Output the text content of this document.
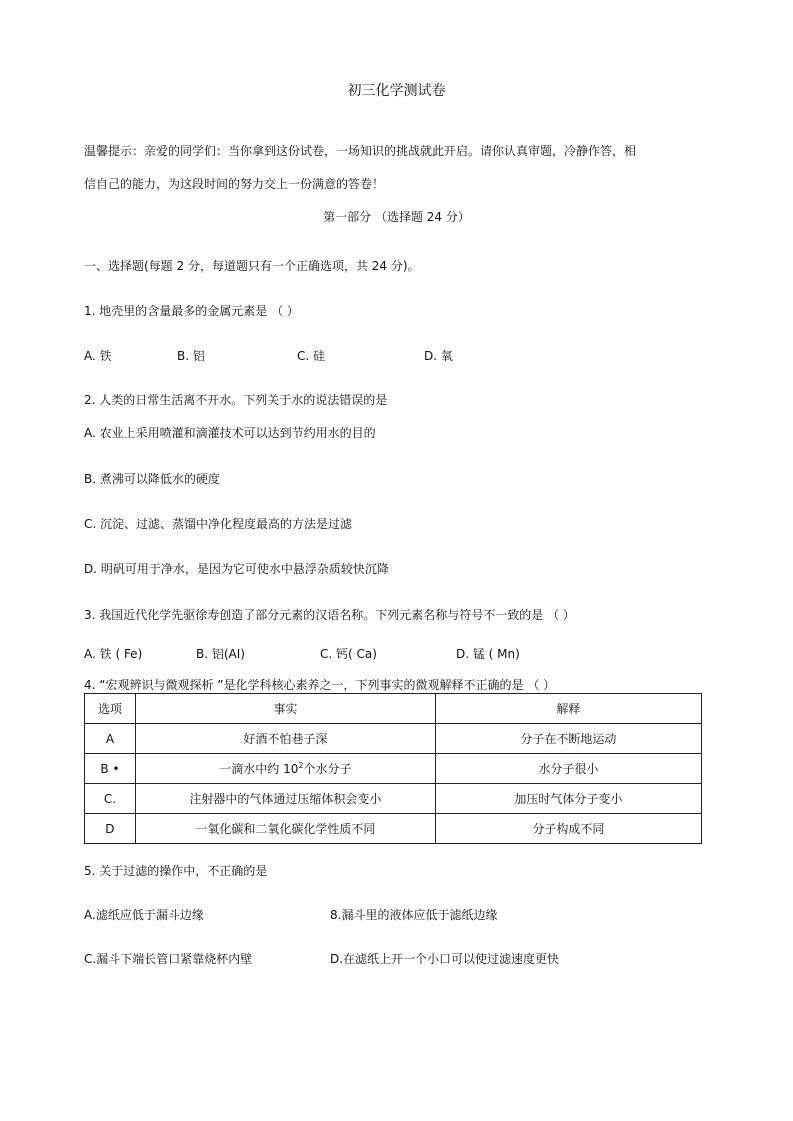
初三化学测试卷
温馨提示：亲爱的同学们：当你拿到这份试卷，一场知识的挑战就此开启。请你认真审题，冷静作答，相
信自己的能力，为这段时间的努力交上一份满意的答卷！
第一部分 （选择题 24 分）
一、选择题(每题 2 分，每道题只有一个正确选项，共 24 分)。
1. 地壳里的含量最多的金属元素是 （ ）
A. 铁	B. 铝	C. 硅	D. 氧
2. 人类的日常生活离不开水。下列关于水的说法错误的是
A. 农业上采用喷灌和滴灌技术可以达到节约用水的目的
B. 煮沸可以降低水的硬度
C. 沉淀、过滤、蒸馏中净化程度最高的方法是过滤
D. 明矾可用于净水，是因为它可使水中悬浮杂质较快沉降
3. 我国近代化学先驱徐寿创造了部分元素的汉语名称。下列元素名称与符号不一致的是 （ ）
A. 铁 ( Fe)	B. 铝(AI)	C. 钙( Ca)	D. 锰 ( Mn)
4. “宏观辨识与微观探析 ”是化学科核心素养之一，下列事实的微观解释不正确的是 （ ）
选项	事实	解释
A	好酒不怕巷子深	分子在不断地运动
B •	一滴水中约 $10^2$个水分子	水分子很小
C.	注射器中的气体通过压缩体积会变小	加压时气体分子变小
D	一氧化碳和二氧化碳化学性质不同	分子构成不同
5. 关于过滤的操作中，不正确的是
A.滤纸应低于漏斗边缘	8.漏斗里的液体应低于滤纸边缘
C.漏斗下端长管口紧靠烧杯内壁	D.在滤纸上开一个小口可以使过滤速度更快
